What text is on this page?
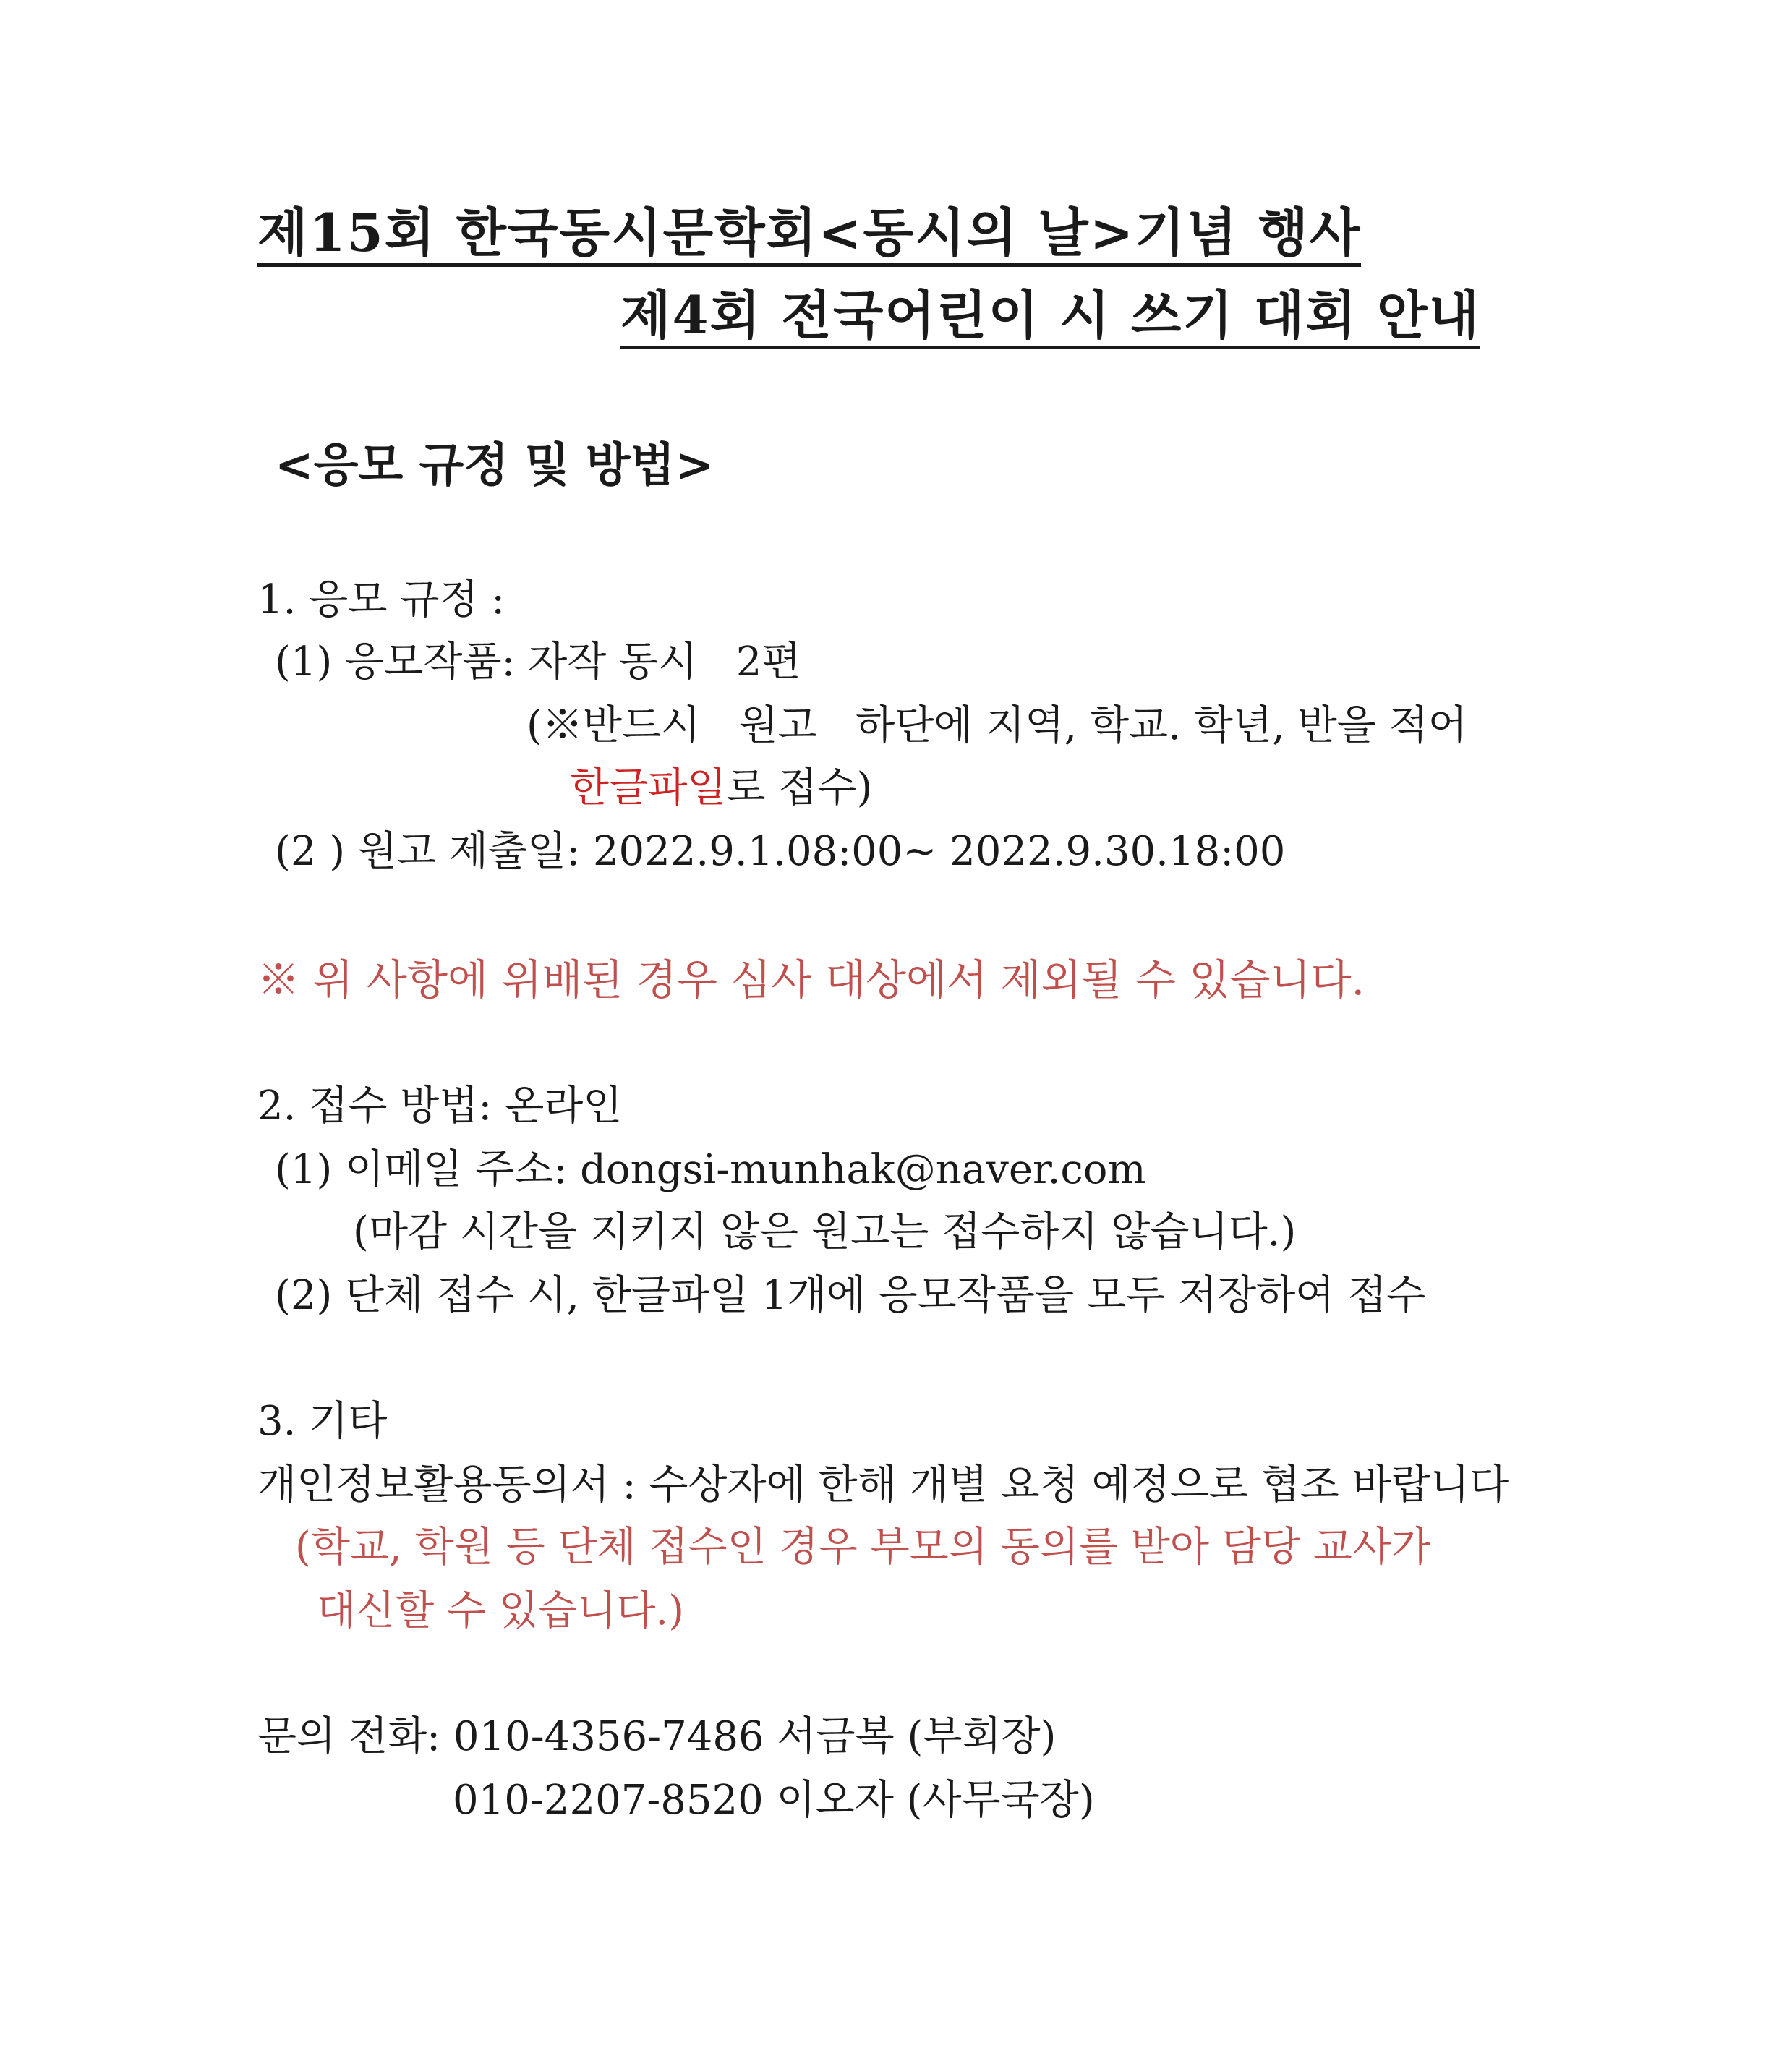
제15회 한국동시문학회<동시의 날>기념 행사
제4회 전국어린이 시 쓰기 대회 안내
<응모 규정 및 방법>
1. 응모 규정 :
(1) 응모작품: 자작 동시   2편
(※반드시   원고   하단에 지역, 학교. 학년, 반을 적어
한글파일로 접수)
(2 ) 원고 제출일: 2022.9.1.08:00~ 2022.9.30.18:00
※ 위 사항에 위배된 경우 심사 대상에서 제외될 수 있습니다.
2. 접수 방법: 온라인
(1) 이메일 주소: dongsi-munhak@naver.com
(마감 시간을 지키지 않은 원고는 접수하지 않습니다.)
(2) 단체 접수 시, 한글파일 1개에 응모작품을 모두 저장하여 접수
3. 기타
개인정보활용동의서 : 수상자에 한해 개별 요청 예정으로 협조 바랍니다
(학교, 학원 등 단체 접수인 경우 부모의 동의를 받아 담당 교사가
대신할 수 있습니다.)
문의 전화: 010-4356-7486 서금복 (부회장)
010-2207-8520 이오자 (사무국장)
